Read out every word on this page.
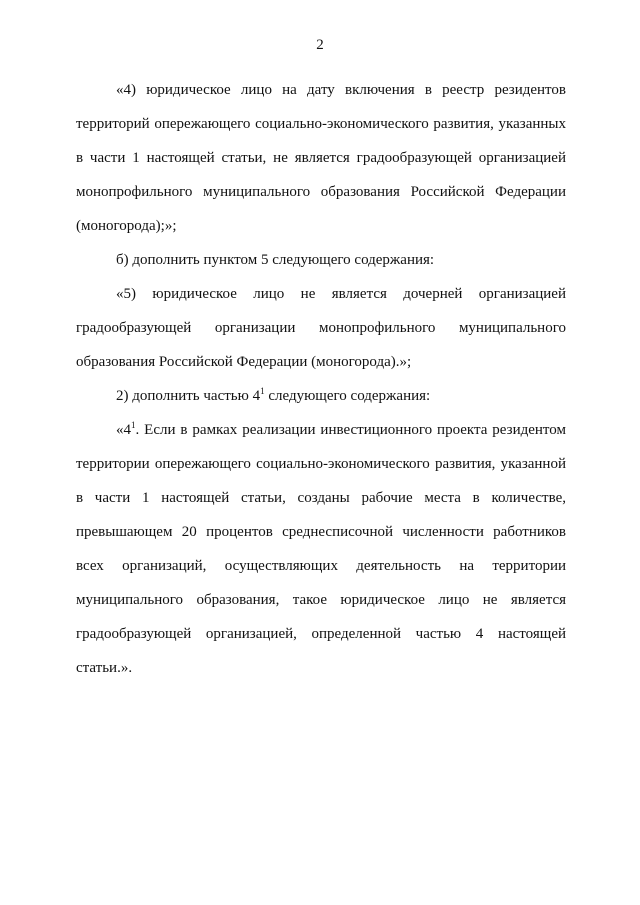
2

«4) юридическое лицо на дату включения в реестр резидентов территорий опережающего социально-экономического развития, указанных в части 1 настоящей статьи, не является градообразующей организацией монопрофильного муниципального образования Российской Федерации (моногорода);»;

б) дополнить пунктом 5 следующего содержания:

«5) юридическое лицо не является дочерней организацией градообразующей организации монопрофильного муниципального образования Российской Федерации (моногорода).»;

2) дополнить частью $4^1$ следующего содержания:

«$4^1$. Если в рамках реализации инвестиционного проекта резидентом территории опережающего социально-экономического развития, указанной в части 1 настоящей статьи, созданы рабочие места в количестве, превышающем 20 процентов среднесписочной численности работников всех организаций, осуществляющих деятельность на территории муниципального образования, такое юридическое лицо не является градообразующей организацией, определенной частью 4 настоящей статьи.».
